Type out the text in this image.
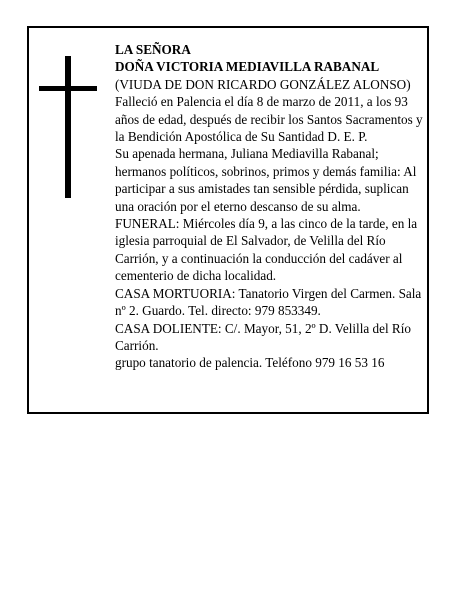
LA SEÑORA

DOÑA VICTORIA MEDIAVILLA RABANAL

(VIUDA DE DON RICARDO GONZÁLEZ ALONSO)

Falleció en Palencia el día 8 de marzo de 2011, a los 93 años de edad, después de recibir los Santos Sacramentos y la Bendición Apostólica de Su Santidad D. E. P.

Su apenada hermana, Juliana Mediavilla Rabanal; hermanos políticos, sobrinos, primos y demás familia: Al participar a sus amistades tan sensible pérdida, suplican una oración por el eterno descanso de su alma.

FUNERAL: Miércoles día 9, a las cinco de la tarde, en la iglesia parroquial de El Salvador, de Velilla del Río Carrión, y a continuación la conducción del cadáver al cementerio de dicha localidad.

CASA MORTUORIA: Tanatorio Virgen del Carmen. Sala nº 2. Guardo. Tel. directo: 979 853349.

CASA DOLIENTE: C/. Mayor, 51, 2º D. Velilla del Río Carrión.

grupo tanatorio de palencia. Teléfono 979 16 53 16
